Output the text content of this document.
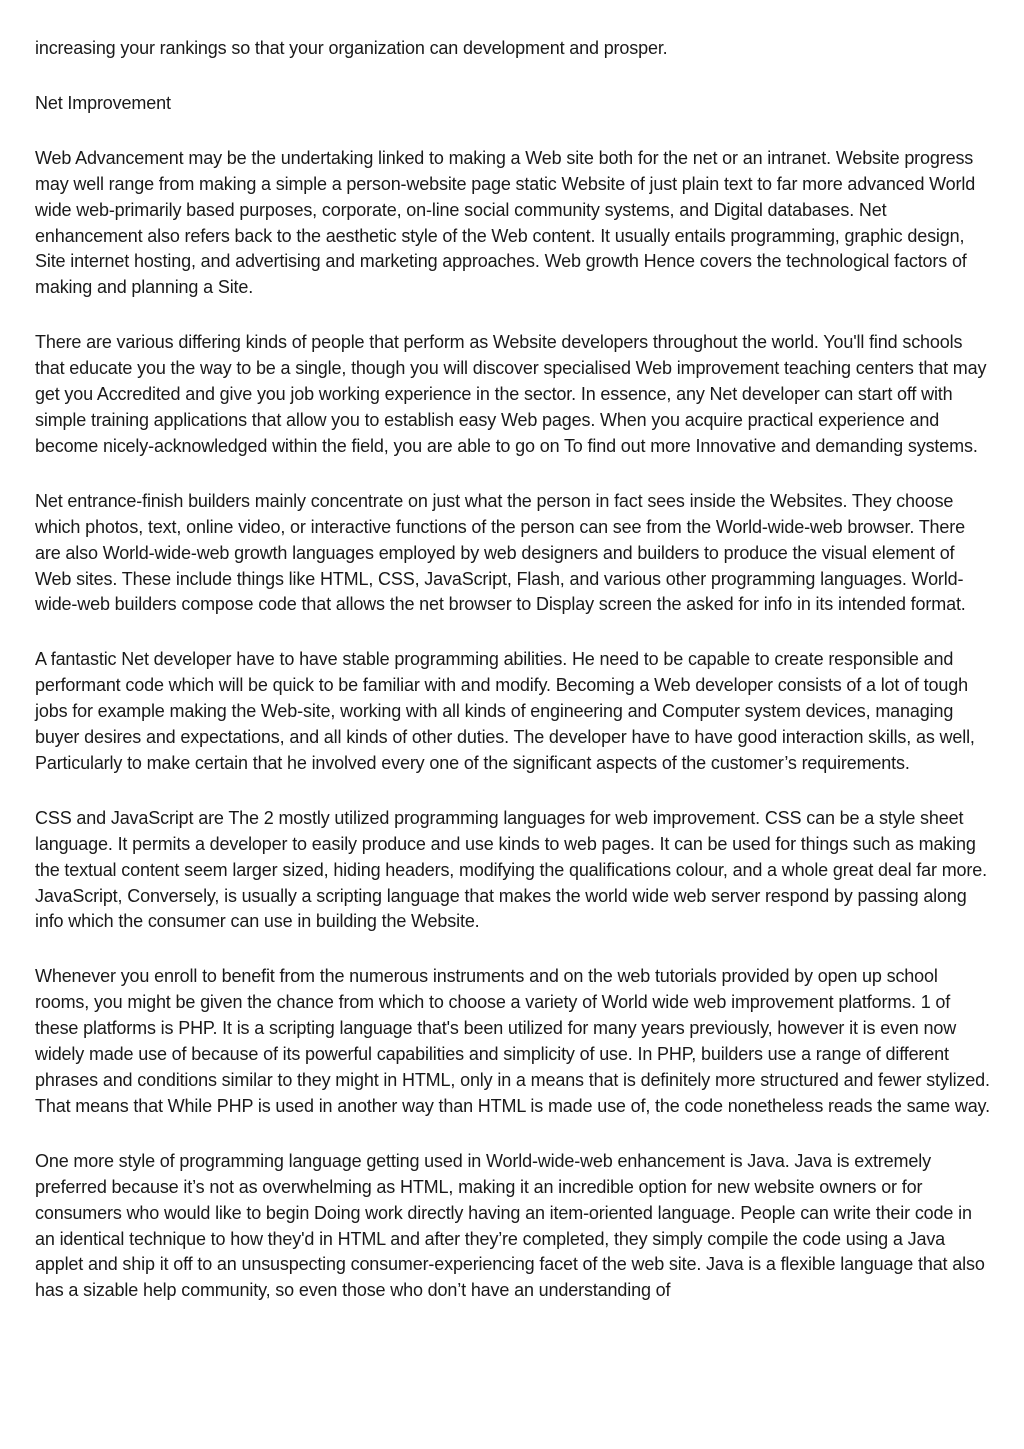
increasing your rankings so that your organization can development and prosper.

Net Improvement

Web Advancement may be the undertaking linked to making a Web site both for the net or an intranet. Website progress may well range from making a simple a person-website page static Website of just plain text to far more advanced World wide web-primarily based purposes, corporate, on-line social community systems, and Digital databases. Net enhancement also refers back to the aesthetic style of the Web content. It usually entails programming, graphic design, Site internet hosting, and advertising and marketing approaches. Web growth Hence covers the technological factors of making and planning a Site.

There are various differing kinds of people that perform as Website developers throughout the world. You'll find schools that educate you the way to be a single, though you will discover specialised Web improvement teaching centers that may get you Accredited and give you job working experience in the sector. In essence, any Net developer can start off with simple training applications that allow you to establish easy Web pages. When you acquire practical experience and become nicely-acknowledged within the field, you are able to go on To find out more Innovative and demanding systems.

Net entrance-finish builders mainly concentrate on just what the person in fact sees inside the Websites. They choose which photos, text, online video, or interactive functions of the person can see from the World-wide-web browser. There are also World-wide-web growth languages employed by web designers and builders to produce the visual element of Web sites. These include things like HTML, CSS, JavaScript, Flash, and various other programming languages. World-wide-web builders compose code that allows the net browser to Display screen the asked for info in its intended format.

A fantastic Net developer have to have stable programming abilities. He need to be capable to create responsible and performant code which will be quick to be familiar with and modify. Becoming a Web developer consists of a lot of tough jobs for example making the Web-site, working with all kinds of engineering and Computer system devices, managing buyer desires and expectations, and all kinds of other duties. The developer have to have good interaction skills, as well, Particularly to make certain that he involved every one of the significant aspects of the customer’s requirements.

CSS and JavaScript are The 2 mostly utilized programming languages for web improvement. CSS can be a style sheet language. It permits a developer to easily produce and use kinds to web pages. It can be used for things such as making the textual content seem larger sized, hiding headers, modifying the qualifications colour, and a whole great deal far more. JavaScript, Conversely, is usually a scripting language that makes the world wide web server respond by passing along info which the consumer can use in building the Website.

Whenever you enroll to benefit from the numerous instruments and on the web tutorials provided by open up school rooms, you might be given the chance from which to choose a variety of World wide web improvement platforms. 1 of these platforms is PHP. It is a scripting language that's been utilized for many years previously, however it is even now widely made use of because of its powerful capabilities and simplicity of use. In PHP, builders use a range of different phrases and conditions similar to they might in HTML, only in a means that is definitely more structured and fewer stylized. That means that While PHP is used in another way than HTML is made use of, the code nonetheless reads the same way.

One more style of programming language getting used in World-wide-web enhancement is Java. Java is extremely preferred because it’s not as overwhelming as HTML, making it an incredible option for new website owners or for consumers who would like to begin Doing work directly having an item-oriented language. People can write their code in an identical technique to how they'd in HTML and after they’re completed, they simply compile the code using a Java applet and ship it off to an unsuspecting consumer-experiencing facet of the web site. Java is a flexible language that also has a sizable help community, so even those who don’t have an understanding of
